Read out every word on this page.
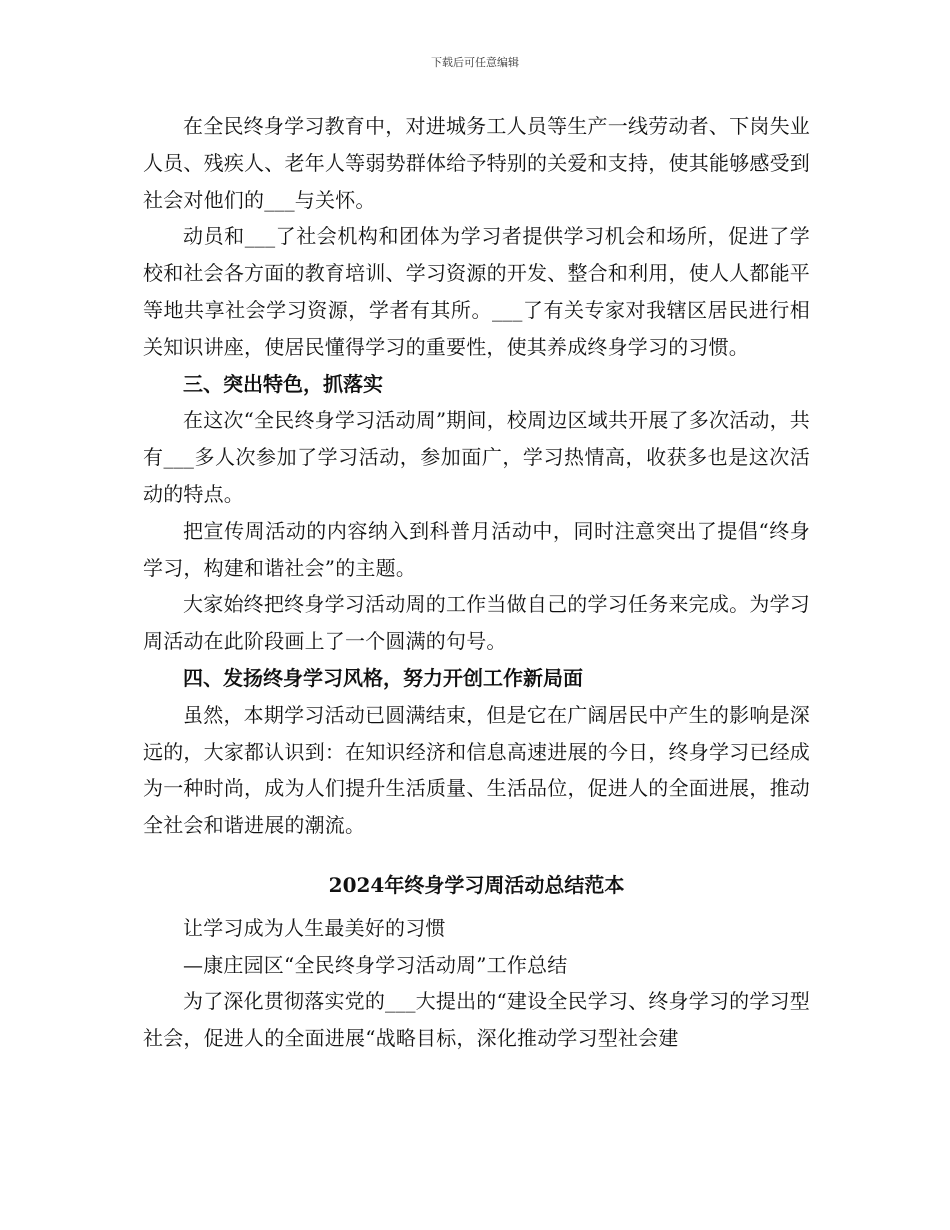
下载后可任意编辑

在全民终身学习教育中，对进城务工人员等生产一线劳动者、下岗失业人员、残疾人、老年人等弱势群体给予特别的关爱和支持，使其能够感受到社会对他们的___与关怀。

动员和___了社会机构和团体为学习者提供学习机会和场所，促进了学校和社会各方面的教育培训、学习资源的开发、整合和利用，使人人都能平等地共享社会学习资源，学者有其所。___了有关专家对我辖区居民进行相关知识讲座，使居民懂得学习的重要性，使其养成终身学习的习惯。

三、突出特色，抓落实

在这次“全民终身学习活动周”期间，校周边区域共开展了多次活动，共有___多人次参加了学习活动，参加面广，学习热情高，收获多也是这次活动的特点。

把宣传周活动的内容纳入到科普月活动中，同时注意突出了提倡“终身学习，构建和谐社会”的主题。

大家始终把终身学习活动周的工作当做自己的学习任务来完成。为学习周活动在此阶段画上了一个圆满的句号。

四、发扬终身学习风格，努力开创工作新局面

虽然，本期学习活动已圆满结束，但是它在广阔居民中产生的影响是深远的，大家都认识到：在知识经济和信息高速进展的今日，终身学习已经成为一种时尚，成为人们提升生活质量、生活品位，促进人的全面进展，推动全社会和谐进展的潮流。

2024年终身学习周活动总结范本

让学习成为人生最美好的习惯

—康庄园区“全民终身学习活动周”工作总结

为了深化贯彻落实党的___大提出的“建设全民学习、终身学习的学习型社会，促进人的全面进展“战略目标，深化推动学习型社会建
